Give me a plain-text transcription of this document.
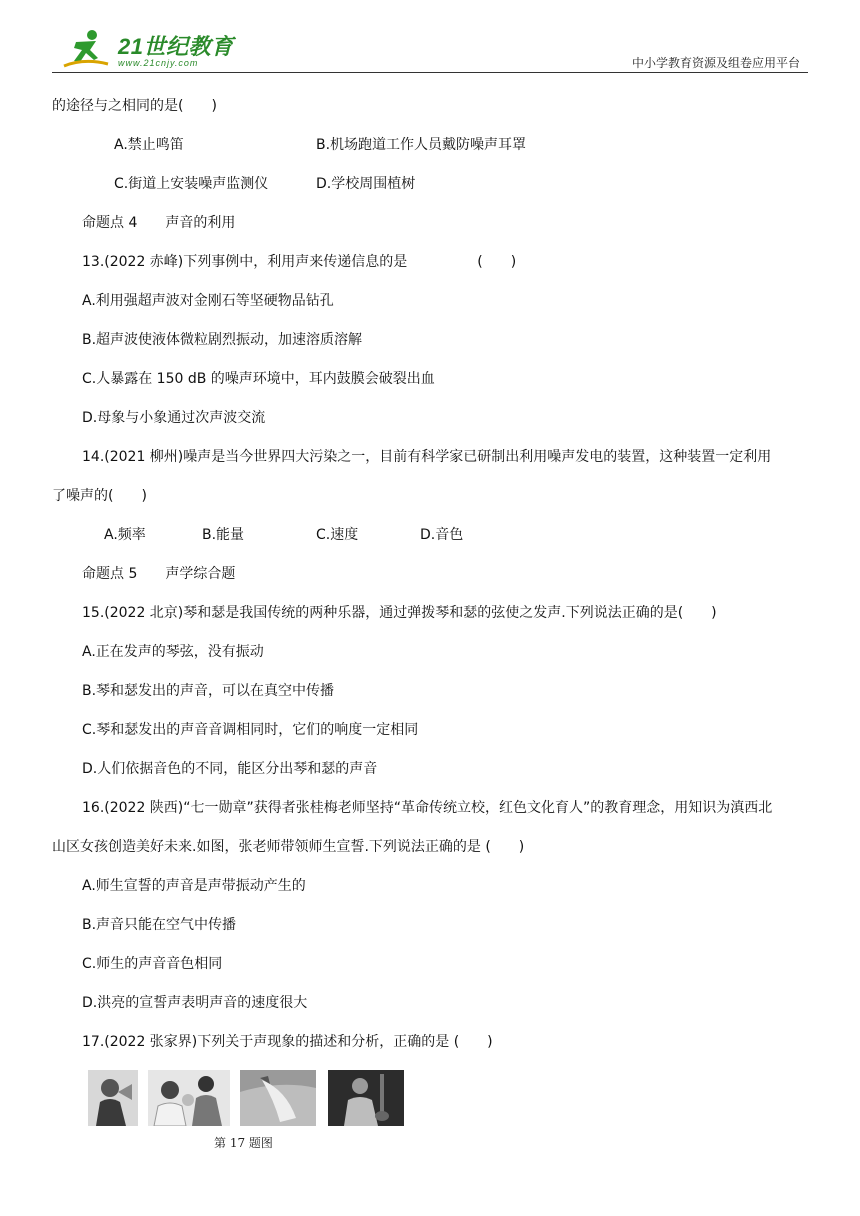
21世纪教育
www.21cnjy.com	中小学教育资源及组卷应用平台
的途径与之相同的是(　　)
A.禁止鸣笛	B.机场跑道工作人员戴防噪声耳罩
C.街道上安装噪声监测仪	D.学校周围植树
命题点 4　　声音的利用
13.(2022 赤峰)下列事例中，利用声来传递信息的是　　　　　(　　)
A.利用强超声波对金刚石等坚硬物品钻孔
B.超声波使液体微粒剧烈振动，加速溶质溶解
C.人暴露在 150 dB 的噪声环境中，耳内鼓膜会破裂出血
D.母象与小象通过次声波交流
14.(2021 柳州)噪声是当今世界四大污染之一，目前有科学家已研制出利用噪声发电的装置，这种装置一定利用
了噪声的(　　)
A.频率	B.能量	C.速度	D.音色
命题点 5　　声学综合题
15.(2022 北京)琴和瑟是我国传统的两种乐器，通过弹拨琴和瑟的弦使之发声.下列说法正确的是(　　)
A.正在发声的琴弦，没有振动
B.琴和瑟发出的声音，可以在真空中传播
C.琴和瑟发出的声音音调相同时，它们的响度一定相同
D.人们依据音色的不同，能区分出琴和瑟的声音
16.(2022 陕西)“七一勋章”获得者张桂梅老师坚持“革命传统立校，红色文化育人”的教育理念，用知识为滇西北
山区女孩创造美好未来.如图，张老师带领师生宣誓.下列说法正确的是 (　　)
A.师生宣誓的声音是声带振动产生的
B.声音只能在空气中传播
C.师生的声音音色相同
D.洪亮的宣誓声表明声音的速度很大
17.(2022 张家界)下列关于声现象的描述和分析，正确的是 (　　)
第 17 题图
